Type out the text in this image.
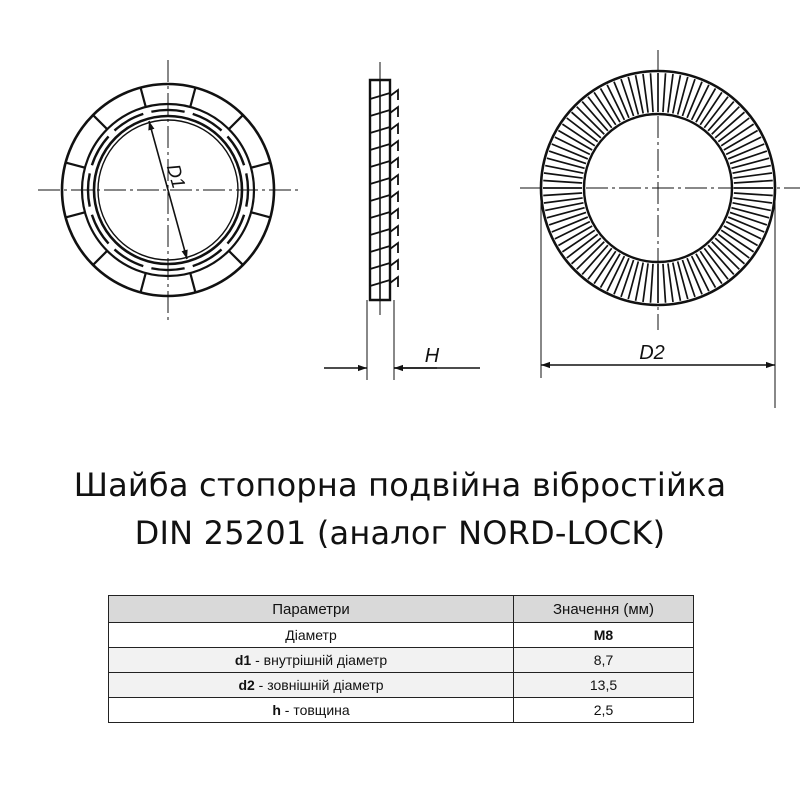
D1
H	D2
Шайба стопорна подвійна віброcтійка
DIN 25201 (аналог NORD-LOCK)
Параметри	Значення (мм)
Діаметр	M8
d1 - внутрішній діаметр	8,7
d2 - зовнішній діаметр	13,5
h - товщина	2,5
